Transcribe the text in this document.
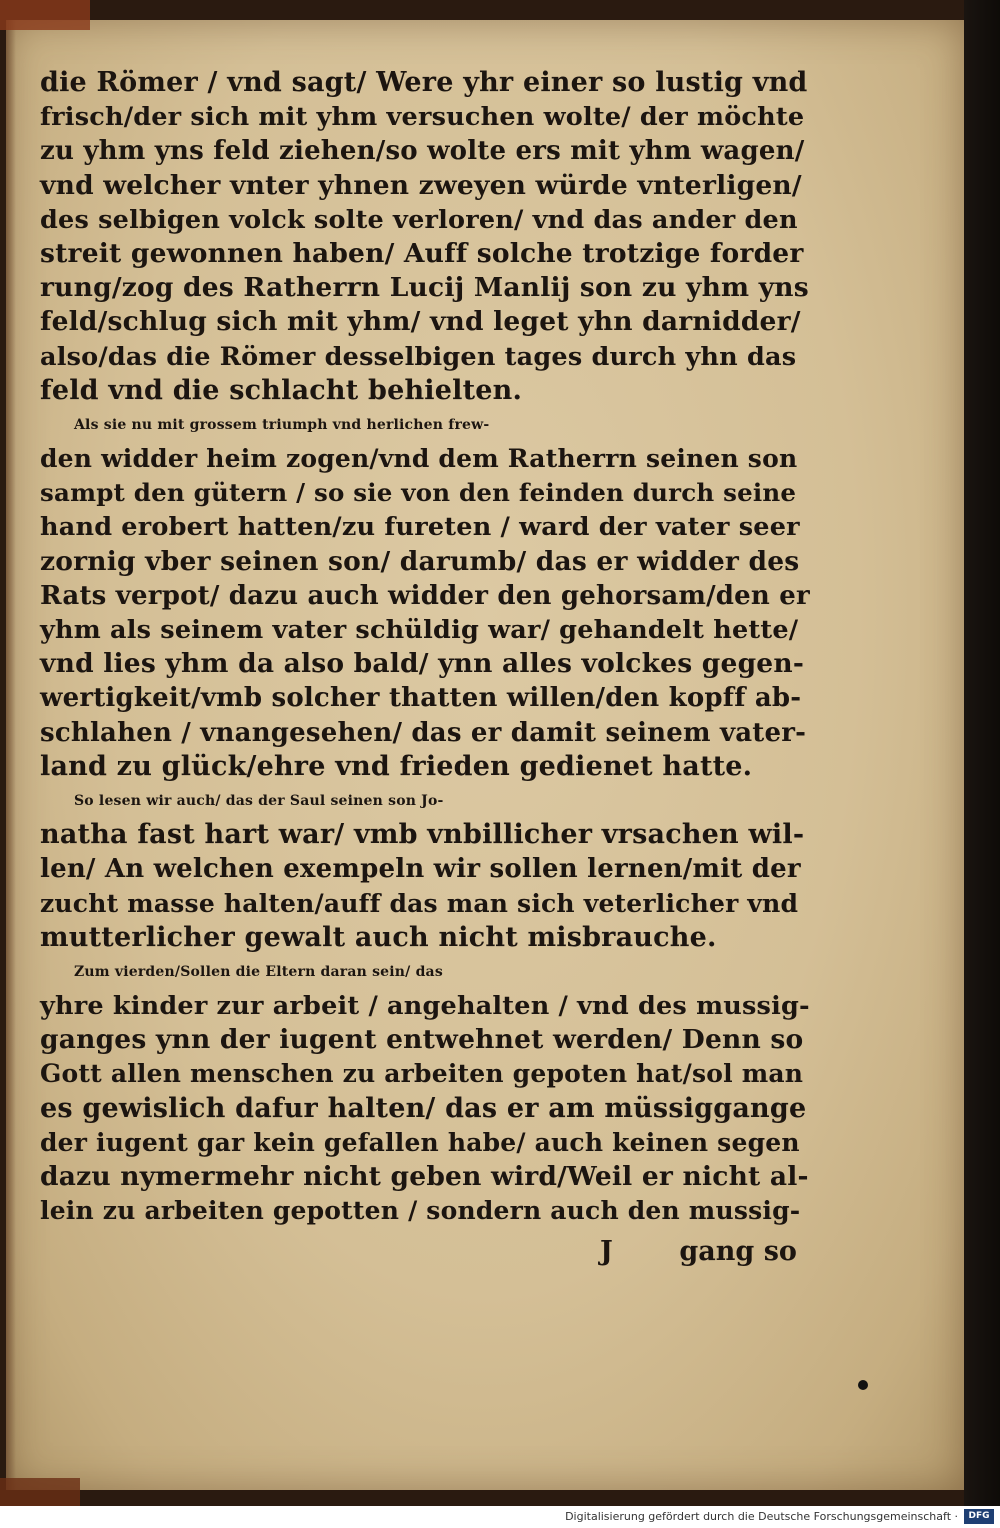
die Römer / vnd sagt/ Were yhr einer so lustig vnd
frisch/der sich mit yhm versuchen wolte/ der möchte
zu yhm yns feld ziehen/so wolte ers mit yhm wagen/
vnd welcher vnter yhnen zweyen würde vnterligen/
des selbigen volck solte verloren/ vnd das ander den
streit gewonnen haben/ Auff solche trotzige forder
rung/zog des Ratherrn Lucij Manlij son zu yhm yns
feld/schlug sich mit yhm/ vnd leget yhn darnidder/
also/das die Römer desselbigen tages durch yhn das
feld vnd die schlacht behielten.
Als sie nu mit grossem triumph vnd herlichen frew-
den widder heim zogen/vnd dem Ratherrn seinen son
sampt den gütern / so sie von den feinden durch seine
hand erobert hatten/zu fureten / ward der vater seer
zornig vber seinen son/ darumb/ das er widder des
Rats verpot/ dazu auch widder den gehorsam/den er
yhm als seinem vater schüldig war/ gehandelt hette/
vnd lies yhm da also bald/ ynn alles volckes gegen-
wertigkeit/vmb solcher thatten willen/den kopff ab-
schlahen / vnangesehen/ das er damit seinem vater-
land zu glück/ehre vnd frieden gedienet hatte.
So lesen wir auch/ das der Saul seinen son Jo-
natha fast hart war/ vmb vnbillicher vrsachen wil-
len/ An welchen exempeln wir sollen lernen/mit der
zucht masse halten/auff das man sich veterlicher vnd
mutterlicher gewalt auch nicht misbrauche.
Zum vierden/Sollen die Eltern daran sein/ das
yhre kinder zur arbeit / angehalten / vnd des mussig-
ganges ynn der iugent entwehnet werden/ Denn so
Gott allen menschen zu arbeiten gepoten hat/sol man
es gewislich dafur halten/ das er am müssiggange
der iugent gar kein gefallen habe/ auch keinen segen
dazu nymermehr nicht geben wird/Weil er nicht al-
lein zu arbeiten gepotten / sondern auch den mussig-
J gang so
Digitalisierung gefördert durch die Deutsche Forschungsgemeinschaft ·	DFG
